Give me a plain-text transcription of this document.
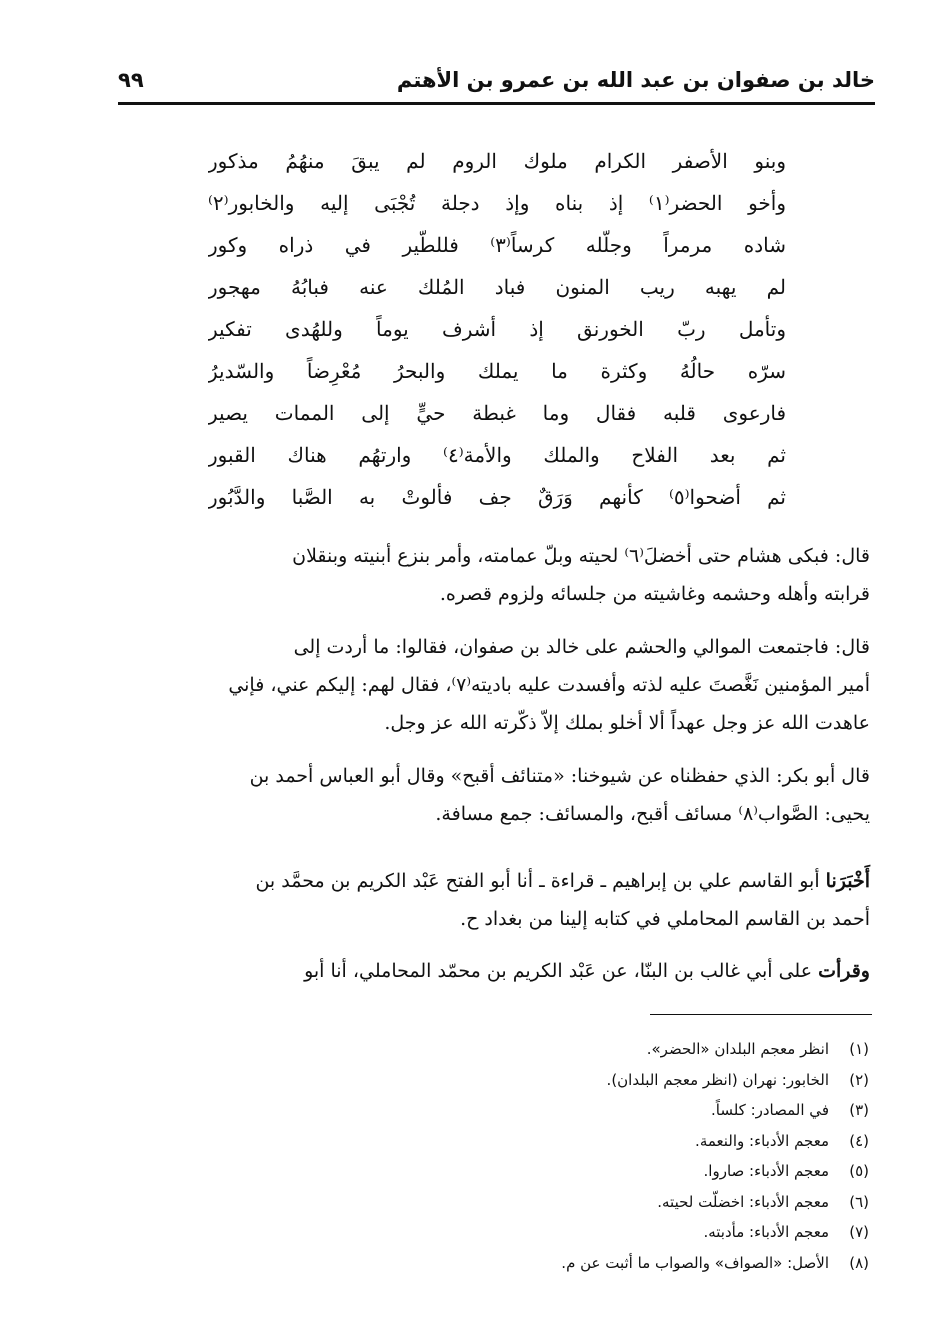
خالد بن صفوان بن عبد الله بن عمرو بن الأهتم
٩٩
وبنو الأصفر الكرام ملوك الروم لم يبقَ منهُمُ مذكور
وأخو الحضر⁽١⁾ إذ بناه وإذ دجلة تُجْبَى إليه والخابور⁽٢⁾
شاده مرمراً وجلّله كرساً⁽٣⁾ فللطّير في ذراه وكور
لم يهبه ريب المنون فباد المُلك عنه فبابُهُ مهجور
وتأمل ربّ الخورنق إذ أشرف يوماً وللهُدى تفكير
سرّه حالُهُ وكثرة ما يملك والبحرُ مُعْرِضاً والسّديرُ
فارعوى قلبه فقال وما غبطة حيٍّ إلى الممات يصير
ثم بعد الفلاح والملك والأمة⁽٤⁾ وارتهُم هناك القبور
ثم أضحوا⁽٥⁾ كأنهم وَرَقٌ جف فألوتْ به الصَّبا والدَّبُور
قال: فبكى هشام حتى أخضلَ⁽٦⁾ لحيته وبلّ عمامته، وأمر بنزع أبنيته وبنقلان
قرابته وأهله وحشمه وغاشيته من جلسائه ولزوم قصره.
قال: فاجتمعت الموالي والحشم على خالد بن صفوان، فقالوا: ما أردت إلى
أمير المؤمنين نَغَّصتَ عليه لذته وأفسدت عليه باديته⁽٧⁾، فقال لهم: إليكم عني، فإني
عاهدت الله عز وجل عهداً ألا أخلو بملك إلاّ ذكّرته الله عز وجل.
قال أبو بكر: الذي حفظناه عن شيوخنا: «متنائف أقبح» وقال أبو العباس أحمد بن
يحيى: الصَّواب⁽٨⁾ مسائف أقبح، والمسائف: جمع مسافة.
أَخْبَرَنا أبو القاسم علي بن إبراهيم ـ قراءة ـ أنا أبو الفتح عَبْد الكريم بن محمَّد بن
أحمد بن القاسم المحاملي في كتابه إلينا من بغداد ح.
وقرأت على أبي غالب بن البنّا، عن عَبْد الكريم بن محمّد المحاملي، أنا أبو
(١)انظر معجم البلدان «الحضر».
(٢)الخابور: نهران (انظر معجم البلدان).
(٣)في المصادر: كلساً.
(٤)معجم الأدباء: والنعمة.
(٥)معجم الأدباء: صاروا.
(٦)معجم الأدباء: اخضلّت لحيته.
(٧)معجم الأدباء: مأدبته.
(٨)الأصل: «الصواف» والصواب ما أثبت عن م.
